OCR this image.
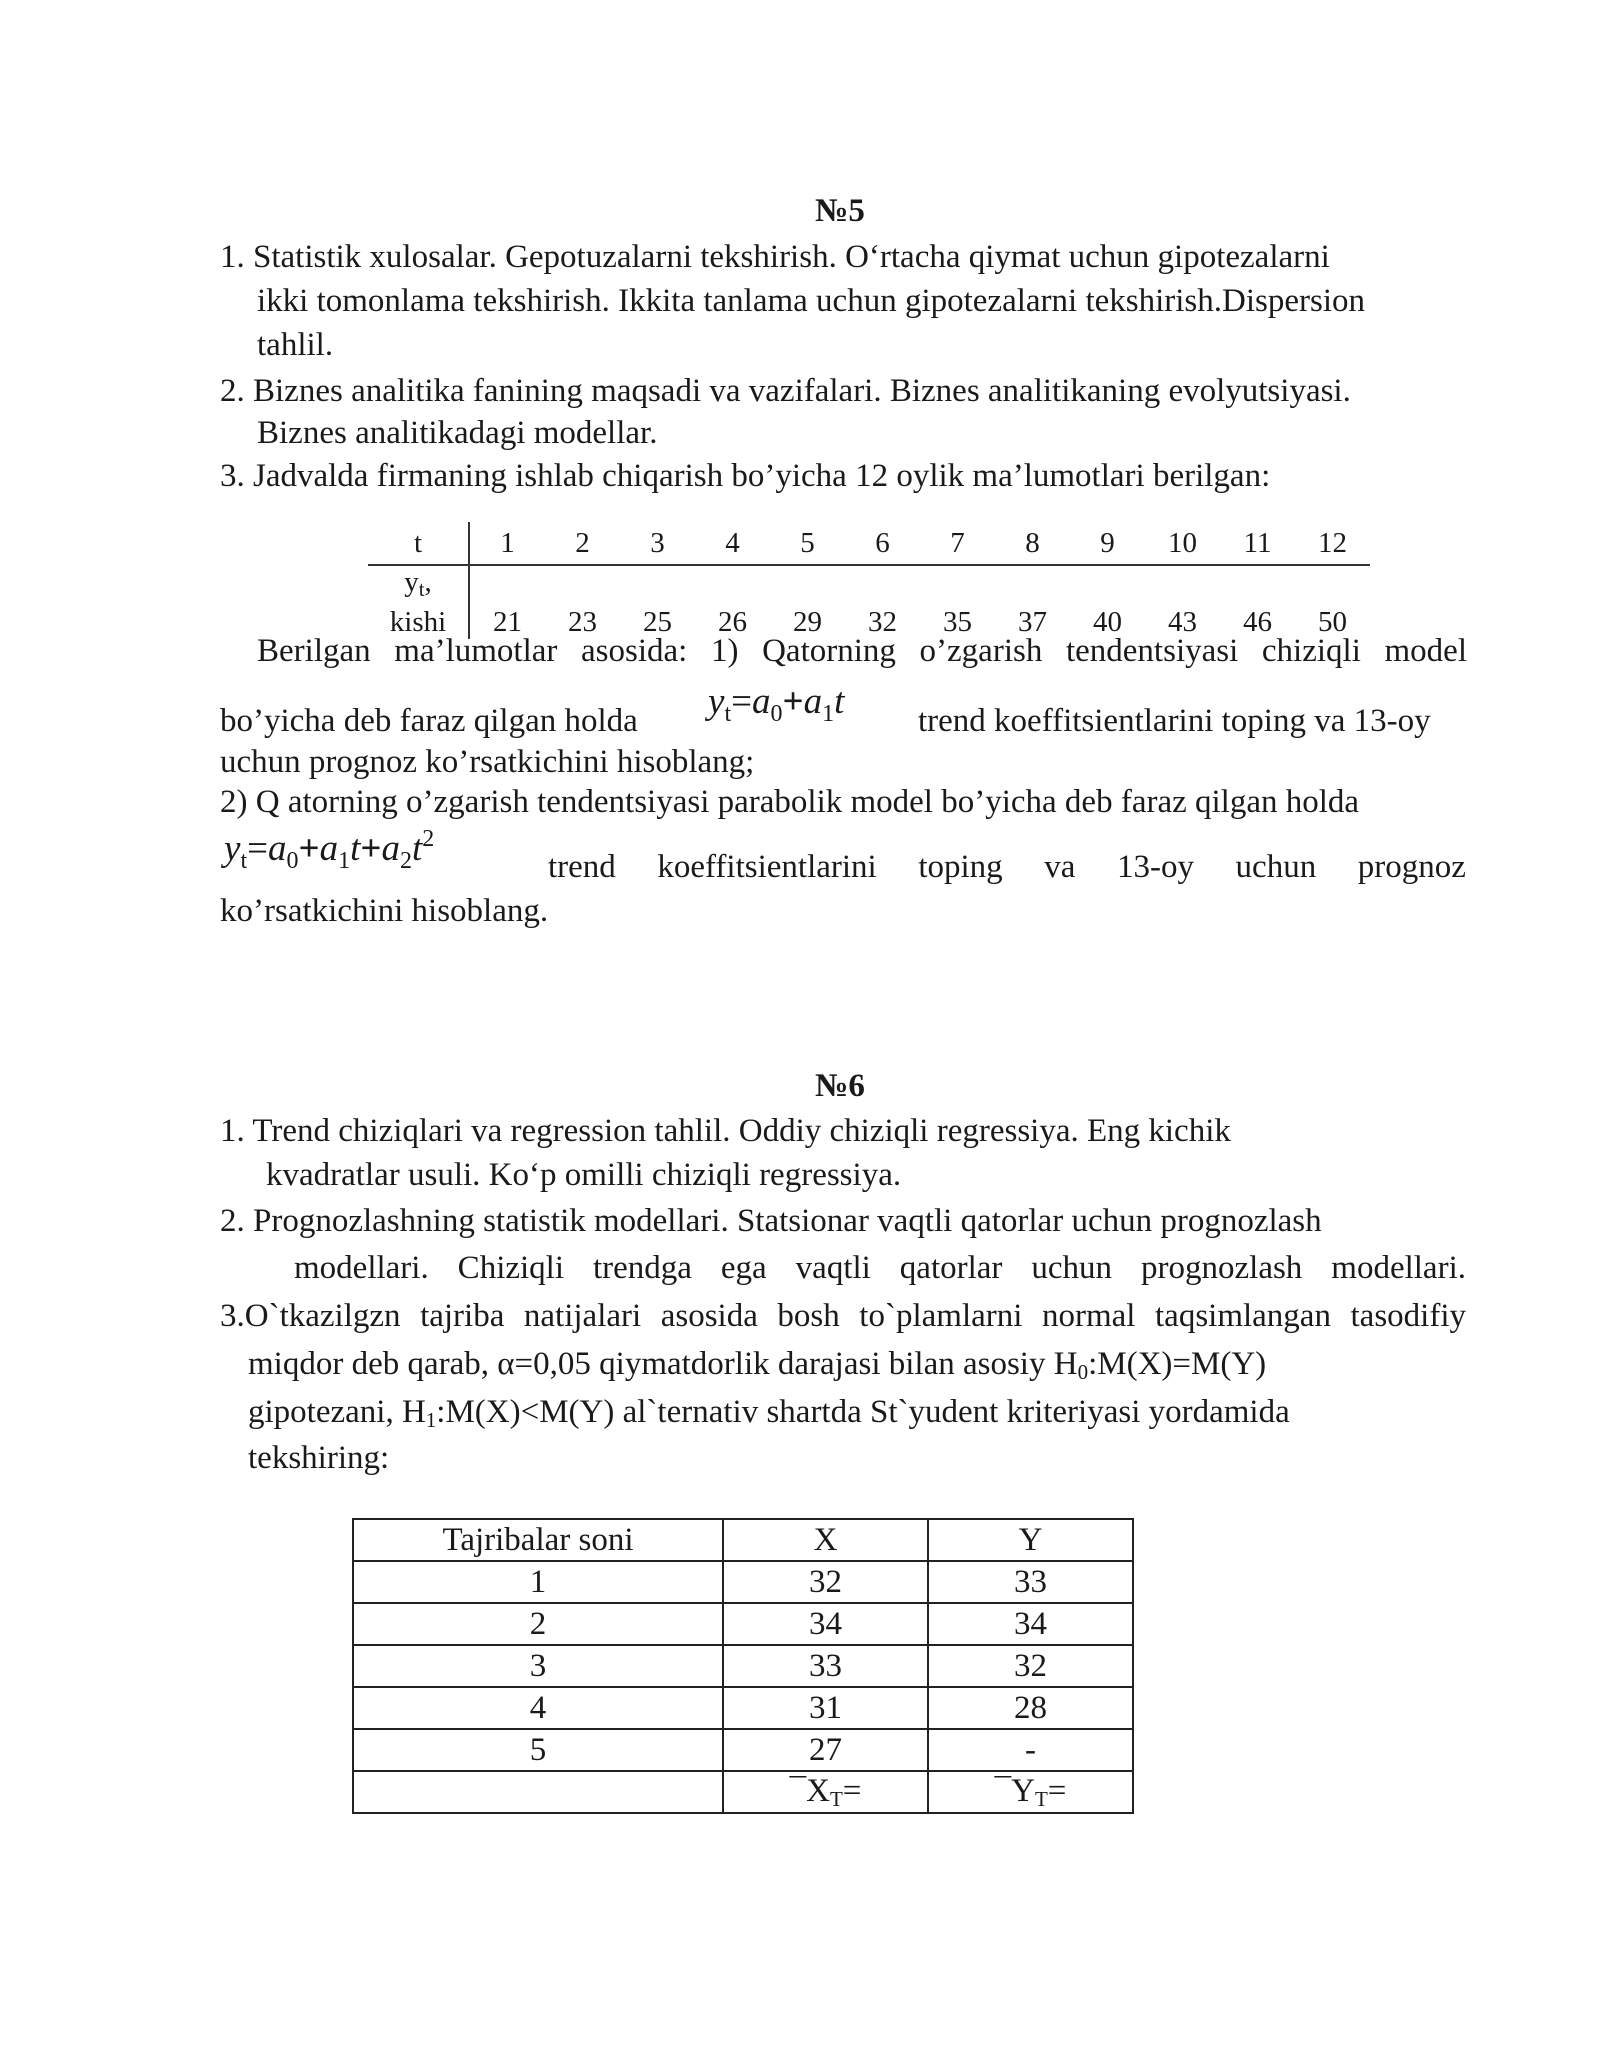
№5
1. Statistik xulosalar. Gepotuzalarni tekshirish. O‘rtacha qiymat uchun gipotezalarni
ikki tomonlama tekshirish. Ikkita tanlama uchun gipotezalarni tekshirish.Dispersion
tahlil.
2. Biznes analitika fanining maqsadi va vazifalari. Biznes analitikaning evolyutsiyasi.
Biznes analitikadagi modellar.
3. Jadvalda firmaning ishlab chiqarish bo’yicha 12 oylik ma’lumotlari berilgan:
t	1	2	3	4	5	6	7	8	9	10	11	12
$y_t$,
kishi	21	23	25	26	29	32	35	37	40	43	46	50
Berilgan ma’lumotlar asosida: 1) Qatorning o’zgarish tendentsiyasi chiziqli model
bo’yicha deb faraz qilgan holda $y_t=a_0+a_1t$ trend koeffitsientlarini toping va 13-oy
uchun prognoz ko’rsatkichini hisoblang;
2) Q atorning o’zgarish tendentsiyasi parabolik model bo’yicha deb faraz qilgan holda
$y_t=a_0+a_1t+a_2t^2$
trend koeffitsientlarini toping va 13-oy uchun prognoz
ko’rsatkichini hisoblang.
№6
1. Trend chiziqlari va regression tahlil. Oddiy chiziqli regressiya. Eng kichik
kvadratlar usuli. Ko‘p omilli chiziqli regressiya.
2. Prognozlashning statistik modellari. Statsionar vaqtli qatorlar uchun prognozlash
modellari. Chiziqli trendga ega vaqtli qatorlar uchun prognozlash modellari.
3.O`tkazilgzn tajriba natijalari asosida bosh to`plamlarni normal taqsimlangan tasodifiy
miqdor deb qarab, α=0,05 qiymatdorlik darajasi bilan asosiy $H_0:M(X)=M(Y)$
gipotezani, $H_1:M(X)<M(Y)$ al`ternativ shartda St`yudent kriteriyasi yordamida
tekshiring:
Tajribalar soni	X	Y
1	32	33
2	34	34
3	33	32
4	31	28
5	27	-
	$¯X_T=$	$¯Y_T=$
